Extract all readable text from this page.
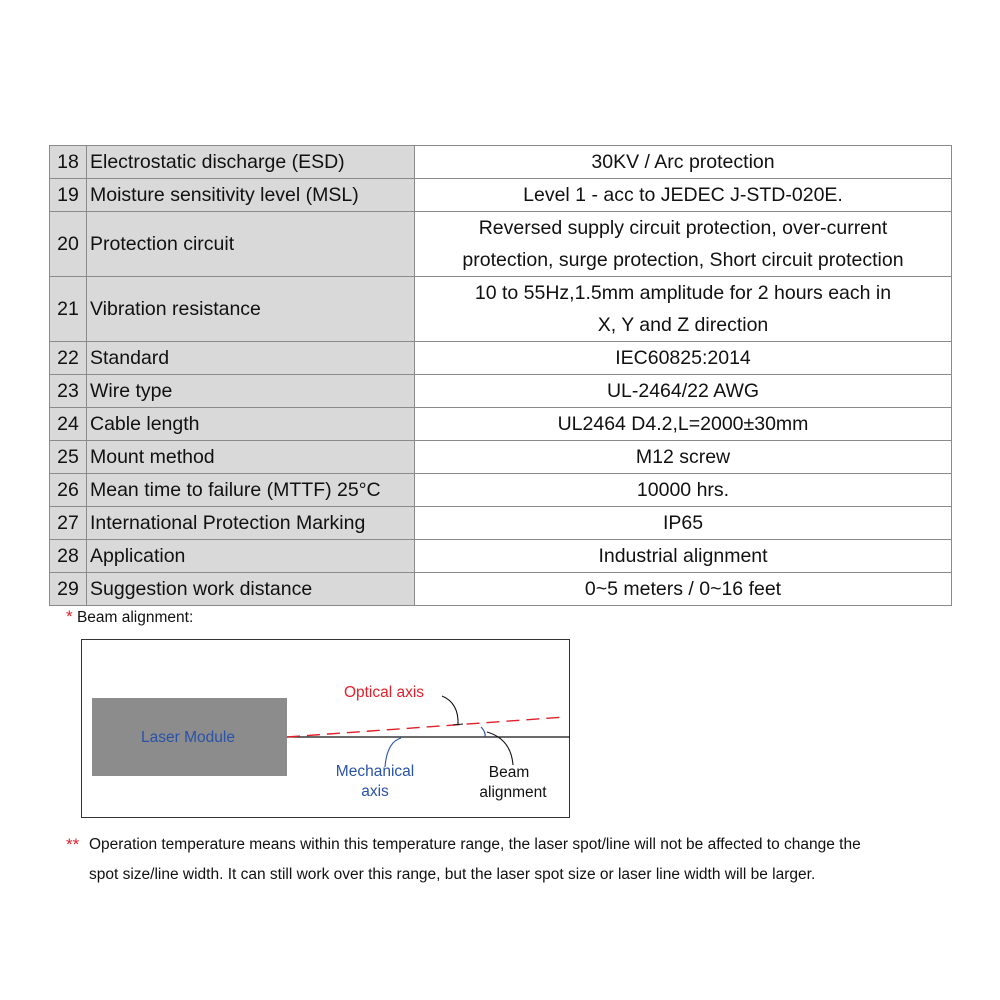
18	Electrostatic discharge (ESD)	30KV / Arc protection
19	Moisture sensitivity level (MSL)	Level 1 - acc to JEDEC J-STD-020E.
20	Protection circuit	Reversed supply circuit protection, over-current
protection, surge protection, Short circuit protection

21	Vibration resistance	10 to 55Hz,1.5mm amplitude for 2 hours each in
X, Y and Z direction

22	Standard	IEC60825:2014
23	Wire type	UL-2464/22 AWG
24	Cable length	UL2464 D4.2,L=2000±30mm
25	Mount method	M12 screw
26	Mean time to failure (MTTF) 25°C	10000 hrs.
27	International Protection Marking	IP65
28	Application	Industrial alignment
29	Suggestion work distance	0~5 meters / 0~16 feet
* Beam alignment:
Laser Module
Optical axis
Mechanical
axis
Beam
alignment
** Operation temperature means within this temperature range, the laser spot/line will not be affected to change the
spot size/line width. It can still work over this range, but the laser spot size or laser line width will be larger.
